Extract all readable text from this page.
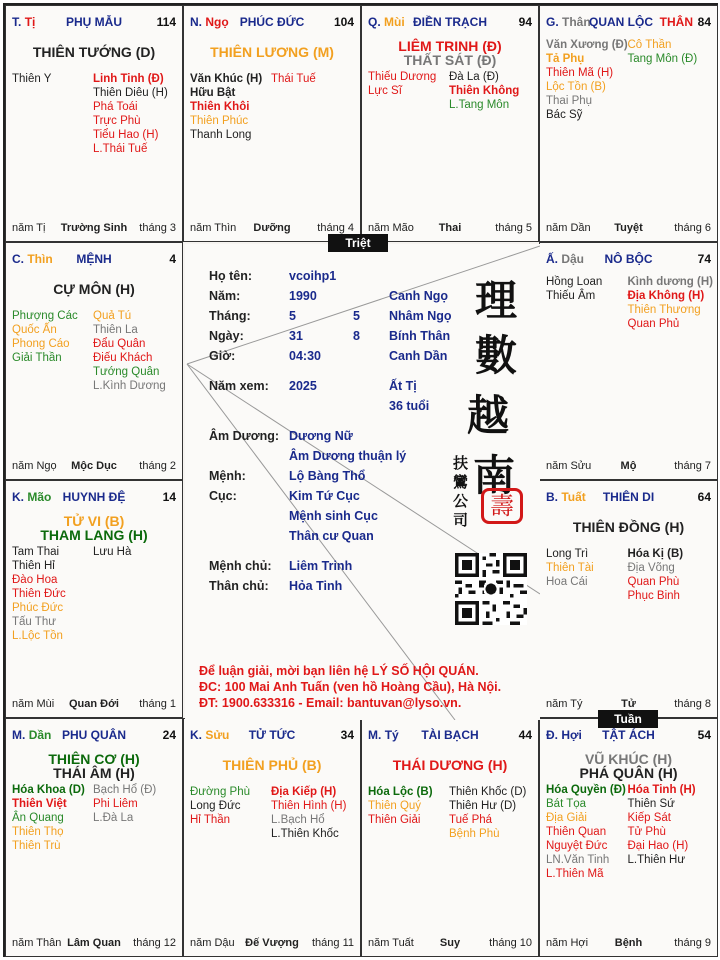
T. Tị	PHỤ MẪU	114
THIÊN TƯỚNG (D)
Thiên Y	Linh Tinh (Đ)
Thiên Diêu (H)
Phá Toái
Trực Phù
Tiểu Hao (H)
L.Thái Tuế
năm Tị	Trường Sinh	tháng 3
N. Ngọ PHÚC ĐỨC	104
THIÊN LƯƠNG (M)
Văn Khúc (H)
Hữu Bật
Thiên Khôi
Thiên Phúc
Thanh Long
Thái Tuế
năm Thìn	Dưỡng	tháng 4
Q. Mùi ĐIỀN TRẠCH	94
LIÊM TRINH (Đ)
THẤT SÁT (Đ)
Thiếu Dương
Lực Sĩ
Đà La (Đ)
Thiên Không
L.Tang Môn
năm Mão	Thai	tháng 5
G. Thân
QUAN LỘC THÂN 84
Văn Xương (Đ)
Tả Phụ
Thiên Mã (H)
Lộc Tồn (B)
Thai Phụ
Bác Sỹ
Cô Thần
Tang Môn (Đ)
năm Dần	Tuyệt	tháng 6
C. Thìn	MỆNH	4
CỰ MÔN (H)
Phượng Các
Quốc Ấn
Phong Cáo
Giải Thần
Quả Tú
Thiên La
Đẩu Quân
Điếu Khách
Tướng Quân
L.Kình Dương
năm Ngọ	Mộc Dục	tháng 2
Ấ. Dậu	NÔ BỘC	74
Hồng Loan
Thiếu Âm
Kình dương (H)
Địa Không (H)
Thiên Thương
Quan Phủ
năm Sửu	Mộ	tháng 7
K. Mão HUYNH ĐỆ	14
TỬ VI (B)
THAM LANG (H)
Tam Thai
Thiên Hỉ
Đào Hoa
Thiên Đức
Phúc Đức
Tấu Thư
L.Lộc Tồn
Lưu Hà
năm Mùi	Quan Đới	tháng 1
B. Tuất	THIÊN DI	64
THIÊN ĐỒNG (H)
Long Trì
Thiên Tài
Hoa Cái
Hóa Kị (B)
Địa Võng
Quan Phù
Phục Binh
năm Tý	Tử	tháng 8
M. Dần PHU QUÂN	24
THIÊN CƠ (H)
THÁI ÂM (H)
Hóa Khoa (D)
Thiên Việt
Ân Quang
Thiên Thọ
Thiên Trù
Bạch Hổ (Đ)
Phi Liêm
L.Đà La
năm Thân Lâm Quan	tháng 12
K. Sửu	TỬ TỨC	34
THIÊN PHỦ (B)
Đường Phù
Long Đức
Hỉ Thần
Địa Kiếp (H)
Thiên Hình (H)
L.Bạch Hổ
L.Thiên Khốc
năm Dậu Đế Vượng	tháng 11
M. Tý	TÀI BẠCH	44
THÁI DƯƠNG (H)
Hóa Lộc (B)
Thiên Quý
Thiên Giải
Thiên Khốc (D)
Thiên Hư (D)
Tuế Phá
Bệnh Phù
năm Tuất	Suy	tháng 10
Đ. Hợi	TẬT ÁCH	54
VŨ KHÚC (H)
PHÁ QUÂN (H)
Hóa Quyền (Đ)
Bát Tọa
Địa Giải
Thiên Quan
Nguyệt Đức
LN.Văn Tinh
L.Thiên Mã
Hóa Tinh (H)
Thiên Sứ
Kiếp Sát
Tử Phù
Đại Hao (H)
L.Thiên Hư
năm Hợi	Bệnh	tháng 9
Họ tên:	vcoihp1
Năm:	1990	Canh Ngọ
Tháng:	5	5 Nhâm Ngọ
Ngày:	31	8 Bính Thân
Giờ:	04:30	Canh Dần
Năm xem: 2025	Ất Tị
36 tuổi
Âm Dương: Dương Nữ
Âm Dương thuận lý
Mệnh:	Lộ Bàng Thổ
Cục:	Kim Tứ Cục
Mệnh sinh Cục
Thân cư Quan
Mệnh chủ: Liêm Trinh
Thân chủ: Hỏa Tinh
理
數
越
南
扶
鸞
公
司 壽
Để luận giải, mời bạn liên hệ LÝ SỐ HỘI QUÁN.
ĐC: 100 Mai Anh Tuấn (ven hồ Hoàng Cầu), Hà Nội.
ĐT: 1900.633316 - Email: bantuvan@lyso.vn.
Triệt
Tuần
